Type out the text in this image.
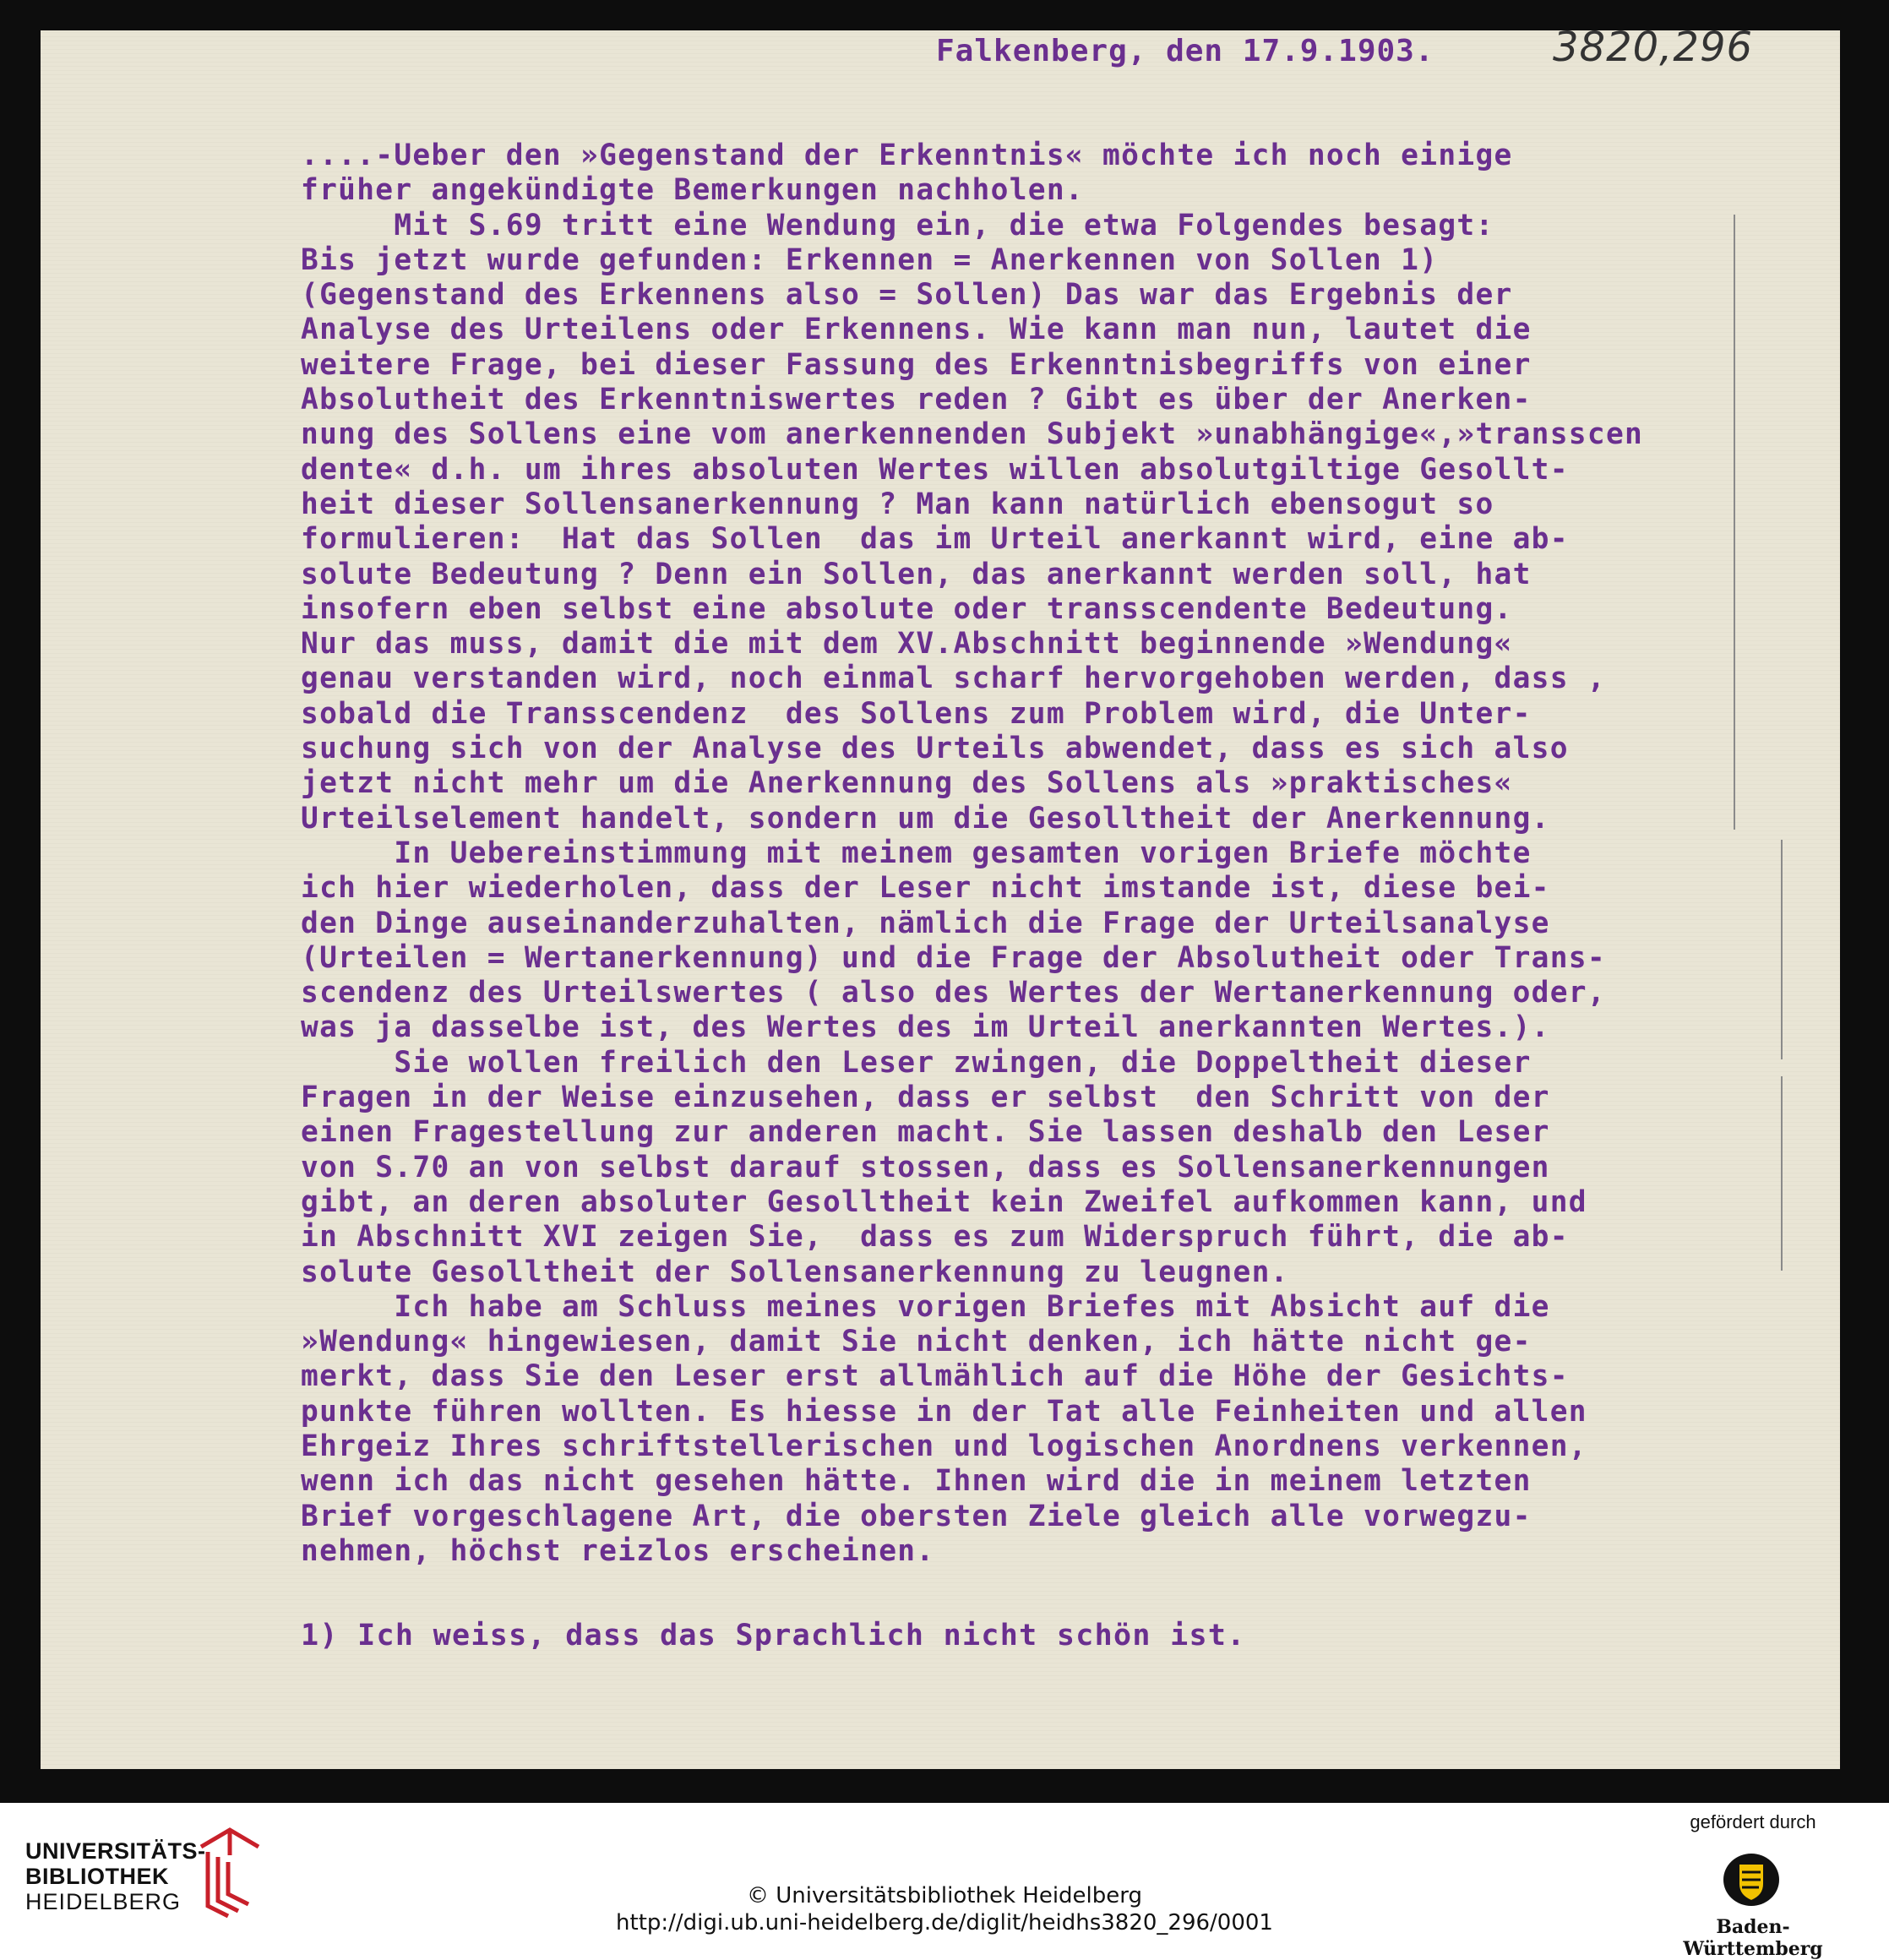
Falkenberg, den 17.9.1903.	3820,296
....-Ueber den »Gegenstand der Erkenntnis« möchte ich noch einige
früher angekündigte Bemerkungen nachholen.
Mit S.69 tritt eine Wendung ein, die etwa Folgendes besagt:
Bis jetzt wurde gefunden: Erkennen = Anerkennen von Sollen 1)
(Gegenstand des Erkennens also = Sollen) Das war das Ergebnis der
Analyse des Urteilens oder Erkennens. Wie kann man nun, lautet die
weitere Frage, bei dieser Fassung des Erkenntnisbegriffs von einer
Absolutheit des Erkenntniswertes reden ? Gibt es über der Anerken-
nung des Sollens eine vom anerkennenden Subjekt »unabhängige«,»transscen
dente« d.h. um ihres absoluten Wertes willen absolutgiltige Gesollt-
heit dieser Sollensanerkennung ? Man kann natürlich ebensogut so
formulieren:  Hat das Sollen  das im Urteil anerkannt wird, eine ab-
solute Bedeutung ? Denn ein Sollen, das anerkannt werden soll, hat
insofern eben selbst eine absolute oder transscendente Bedeutung.
Nur das muss, damit die mit dem XV.Abschnitt beginnende »Wendung«
genau verstanden wird, noch einmal scharf hervorgehoben werden, dass ,
sobald die Transscendenz  des Sollens zum Problem wird, die Unter-
suchung sich von der Analyse des Urteils abwendet, dass es sich also
jetzt nicht mehr um die Anerkennung des Sollens als »praktisches«
Urteilselement handelt, sondern um die Gesolltheit der Anerkennung.
In Uebereinstimmung mit meinem gesamten vorigen Briefe möchte
ich hier wiederholen, dass der Leser nicht imstande ist, diese bei-
den Dinge auseinanderzuhalten, nämlich die Frage der Urteilsanalyse
(Urteilen = Wertanerkennung) und die Frage der Absolutheit oder Trans-
scendenz des Urteilswertes ( also des Wertes der Wertanerkennung oder,
was ja dasselbe ist, des Wertes des im Urteil anerkannten Wertes.).
Sie wollen freilich den Leser zwingen, die Doppeltheit dieser
Fragen in der Weise einzusehen, dass er selbst  den Schritt von der
einen Fragestellung zur anderen macht. Sie lassen deshalb den Leser
von S.70 an von selbst darauf stossen, dass es Sollensanerkennungen
gibt, an deren absoluter Gesolltheit kein Zweifel aufkommen kann, und
in Abschnitt XVI zeigen Sie,  dass es zum Widerspruch führt, die ab-
solute Gesolltheit der Sollensanerkennung zu leugnen.
Ich habe am Schluss meines vorigen Briefes mit Absicht auf die
»Wendung« hingewiesen, damit Sie nicht denken, ich hätte nicht ge-
merkt, dass Sie den Leser erst allmählich auf die Höhe der Gesichts-
punkte führen wollten. Es hiesse in der Tat alle Feinheiten und allen
Ehrgeiz Ihres schriftstellerischen und logischen Anordnens verkennen,
wenn ich das nicht gesehen hätte. Ihnen wird die in meinem letzten
Brief vorgeschlagene Art, die obersten Ziele gleich alle vorwegzu-
nehmen, höchst reizlos erscheinen.
1) Ich weiss, dass das Sprachlich nicht schön ist.
UNIVERSITÄTS-
BIBLIOTHEK
HEIDELBERG	© Universitätsbibliothek Heidelberg
http://digi.ub.uni-heidelberg.de/diglit/heidhs3820_296/0001
gefördert durch
Baden-Württemberg
